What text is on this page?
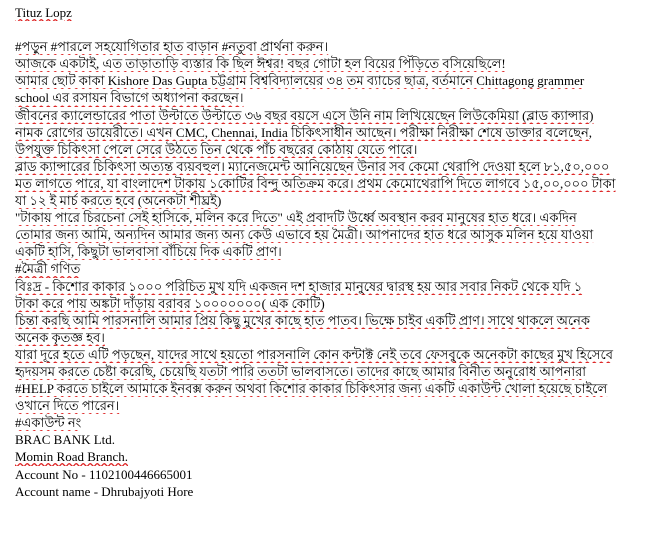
Tituz Lopz

#পড়ুন #পারলে সহযোগিতার হাত বাড়ান #নতুবা প্রার্থনা করুন।

আজকে একটাই, এত তাড়াতাড়ি ব্যস্তার কি ছিল ঈশ্বর! বছর গোটা হল বিয়ের পিঁড়িতে বসিয়েছিলে!

আমার ছোট কাকা Kishore Das Gupta চট্টগ্রাম বিশ্ববিদ্যালয়ের ৩৪ তম ব্যাচের ছাত্র, বর্তমানে Chittagong grammer

school এর রসায়ন বিভাগে অধ্যাপনা করছেন।

জীবনের ক্যালেন্ডারের পাতা উল্টাতে উল্টাতে ৩৬ বছর বয়সে এসে উনি নাম লিখিয়েছেন লিউকেমিয়া (ব্লাড ক্যান্সার)

নামক রোগের ডায়েরীতে। এখন CMC, Chennai, India চিকিৎসাধীন আছেন। পরীক্ষা নিরীক্ষা শেষে ডাক্তার বলেছেন,

উপযুক্ত চিকিৎসা পেলে সেরে উঠতে তিন থেকে পাঁচ বছরের কোঠায় যেতে পারে।

ব্লাড ক্যান্সারের চিকিৎসা অত্যন্ত ব্যয়বহুল। ম্যানেজমেন্ট আনিয়েছেন উনার সব কেমো থেরাপি দেওয়া হলে ৮১,৫০,০০০

মত লাগতে পারে, যা বাংলাদেশ টাকায় ১কোটির বিন্দু অতিক্রম করে। প্রথম কেমোথেরাপি দিতে লাগবে ১৫,০০,০০০ টাকা

যা ১২ ই মার্চ করতে হবে (অনেকটা শীঘ্রই)

"টাকায় পারে চিরচেনা সেই হাসিকে, মলিন করে দিতে" এই প্রবাদটি উর্ধ্বে অবস্থান করব মানুষের হাত ধরে। একদিন

তোমার জন্য আমি, অন্যদিন আমার জন্য অন্য কেউ এভাবে হয় মৈত্রী। আপনাদের হাত ধরে আসুক মলিন হয়ে যাওয়া

একটি হাসি, কিছুটা ভালবাসা বাঁচিয়ে দিক একটি প্রাণ।

#মৈত্রী গণিত

বিঃদ্র - কিশোর কাকার ১০০০ পরিচিত মুখ যদি একজন দশ হাজার মানুষের দ্বারস্থ হয় আর সবার নিকট থেকে যদি ১

টাকা করে পায় অঙ্কটা দাঁড়ায় বরাবর ১০০০০০০০( এক কোটি)

চিন্তা করছি আমি পারসনালি আমার প্রিয় কিছু মুখের কাছে হাত পাতব। ভিক্ষে চাইব একটি প্রাণ। সাথে থাকলে অনেক

অনেক কৃতজ্ঞ হব।

যারা দূরে হতে এটি পড়ছেন, যাদের সাথে হয়তো পারসনালি কোন কন্টাক্ট নেই তবে ফেসবুকে অনেকটা কাছের মুখ হিসেবে

হৃদয়সম করতে চেষ্টা করেছি, চেয়েছি যতটা পারি ততটা ভালবাসতে। তাদের কাছে আমার বিনীত অনুরোধ আপনারা

#HELP করতে চাইলে আমাকে ইনবক্স করুন অথবা কিশোর কাকার চিকিৎসার জন্য একটি একাউন্ট খোলা হয়েছে চাইলে

ওখানে দিতে পারেন।

#একাউন্ট নং

BRAC BANK Ltd.

Momin Road Branch.

Account No - 1102100446665001

Account name - Dhrubajyoti Hore
